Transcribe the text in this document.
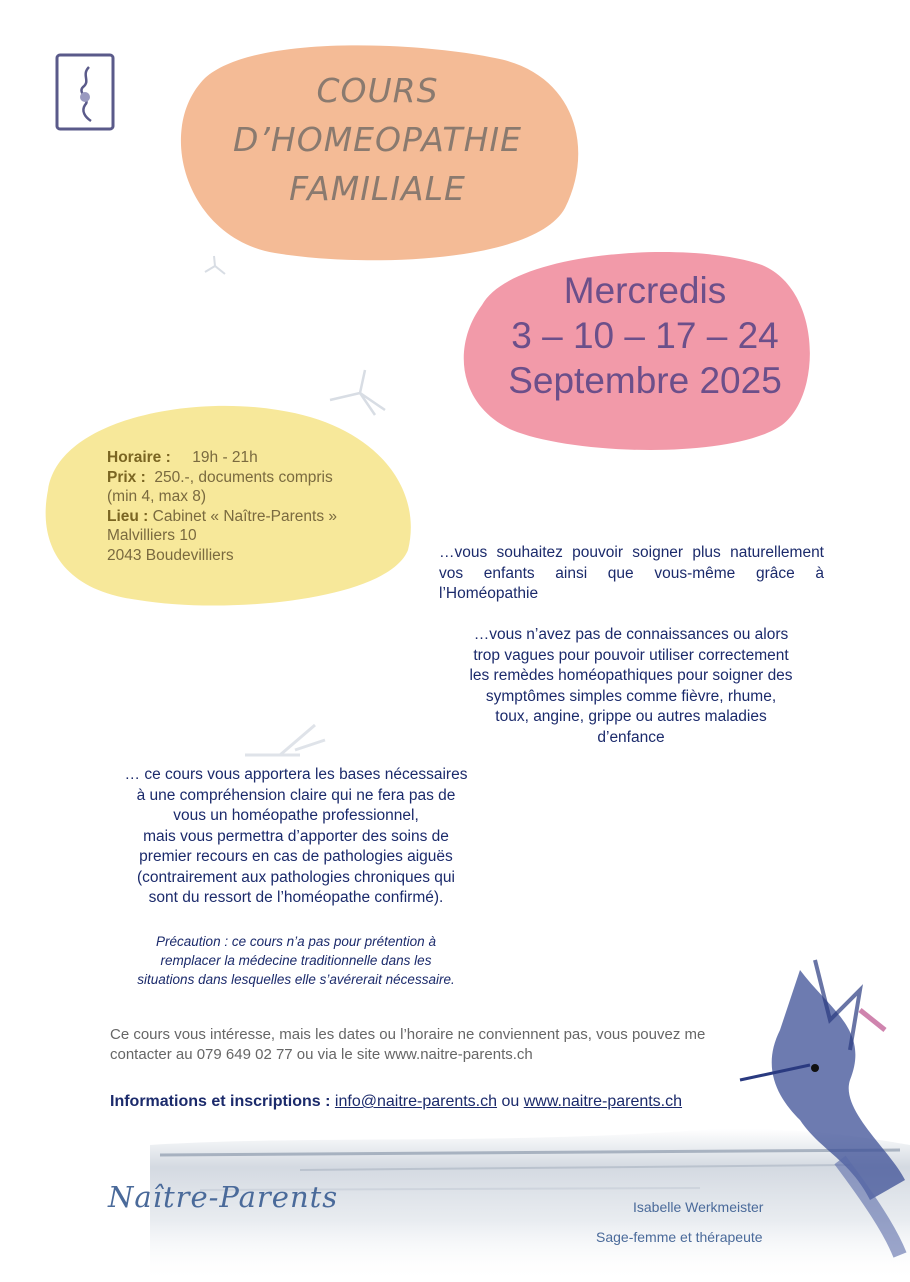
COURS
D’HOMEOPATHIE
FAMILIALE
Mercredis
3 – 10 – 17 – 24
Septembre 2025
Horaire : 19h - 21h
Prix : 250.-, documents compris
(min 4, max 8)
Lieu : Cabinet « Naître-Parents »
Malvilliers 10
2043 Boudevilliers	…vous souhaitez pouvoir soigner plus naturellement vos enfants ainsi que vous-même grâce à l’Homéopathie
…vous n’avez pas de connaissances ou alors
trop vagues pour pouvoir utiliser correctement
les remèdes homéopathiques pour soigner des
symptômes simples comme fièvre, rhume,
toux, angine, grippe ou autres maladies
d’enfance
… ce cours vous apportera les bases nécessaires
à une compréhension claire qui ne fera pas de
vous un homéopathe professionnel,
mais vous permettra d’apporter des soins de
premier recours en cas de pathologies aiguës
(contrairement aux pathologies chroniques qui
sont du ressort de l’homéopathe confirmé).
Précaution : ce cours n’a pas pour prétention à
remplacer la médecine traditionnelle dans les
situations dans lesquelles elle s’avérerait nécessaire.
Ce cours vous intéresse, mais les dates ou l’horaire ne conviennent pas, vous pouvez me
contacter au 079 649 02 77 ou via le site www.naitre-parents.ch
Informations et inscriptions : info@naitre-parents.ch ou www.naitre-parents.ch
Naître-Parents	Isabelle Werkmeister
Sage-femme et thérapeute
